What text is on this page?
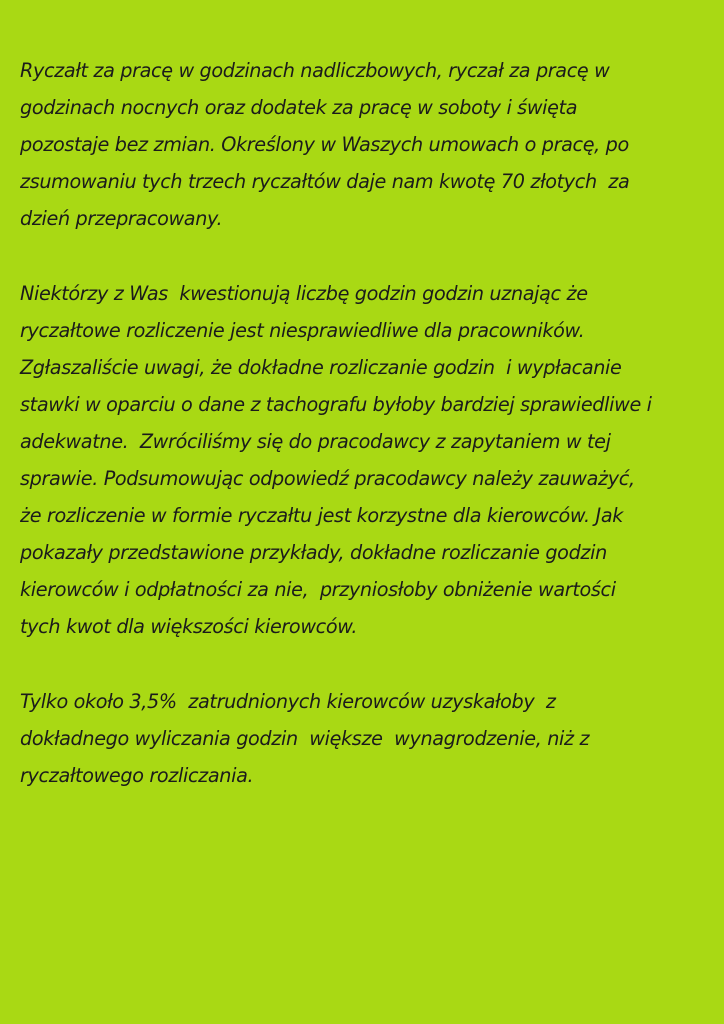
Ryczałt za pracę w godzinach nadliczbowych, ryczał za pracę w
godzinach nocnych oraz dodatek za pracę w soboty i święta
pozostaje bez zmian. Określony w Waszych umowach o pracę, po
zsumowaniu tych trzech ryczałtów daje nam kwotę 70 złotych  za
dzień przepracowany.
Niektórzy z Was  kwestionują liczbę godzin godzin uznając że
ryczałtowe rozliczenie jest niesprawiedliwe dla pracowników.
Zgłaszaliście uwagi, że dokładne rozliczanie godzin  i wypłacanie
stawki w oparciu o dane z tachografu byłoby bardziej sprawiedliwe i
adekwatne.  Zwróciliśmy się do pracodawcy z zapytaniem w tej
sprawie. Podsumowując odpowiedź pracodawcy należy zauważyć,
że rozliczenie w formie ryczałtu jest korzystne dla kierowców. Jak
pokazały przedstawione przykłady, dokładne rozliczanie godzin
kierowców i odpłatności za nie,  przyniosłoby obniżenie wartości
tych kwot dla większości kierowców.
Tylko około 3,5%  zatrudnionych kierowców uzyskałoby  z
dokładnego wyliczania godzin  większe  wynagrodzenie, niż z
ryczałtowego rozliczania.
